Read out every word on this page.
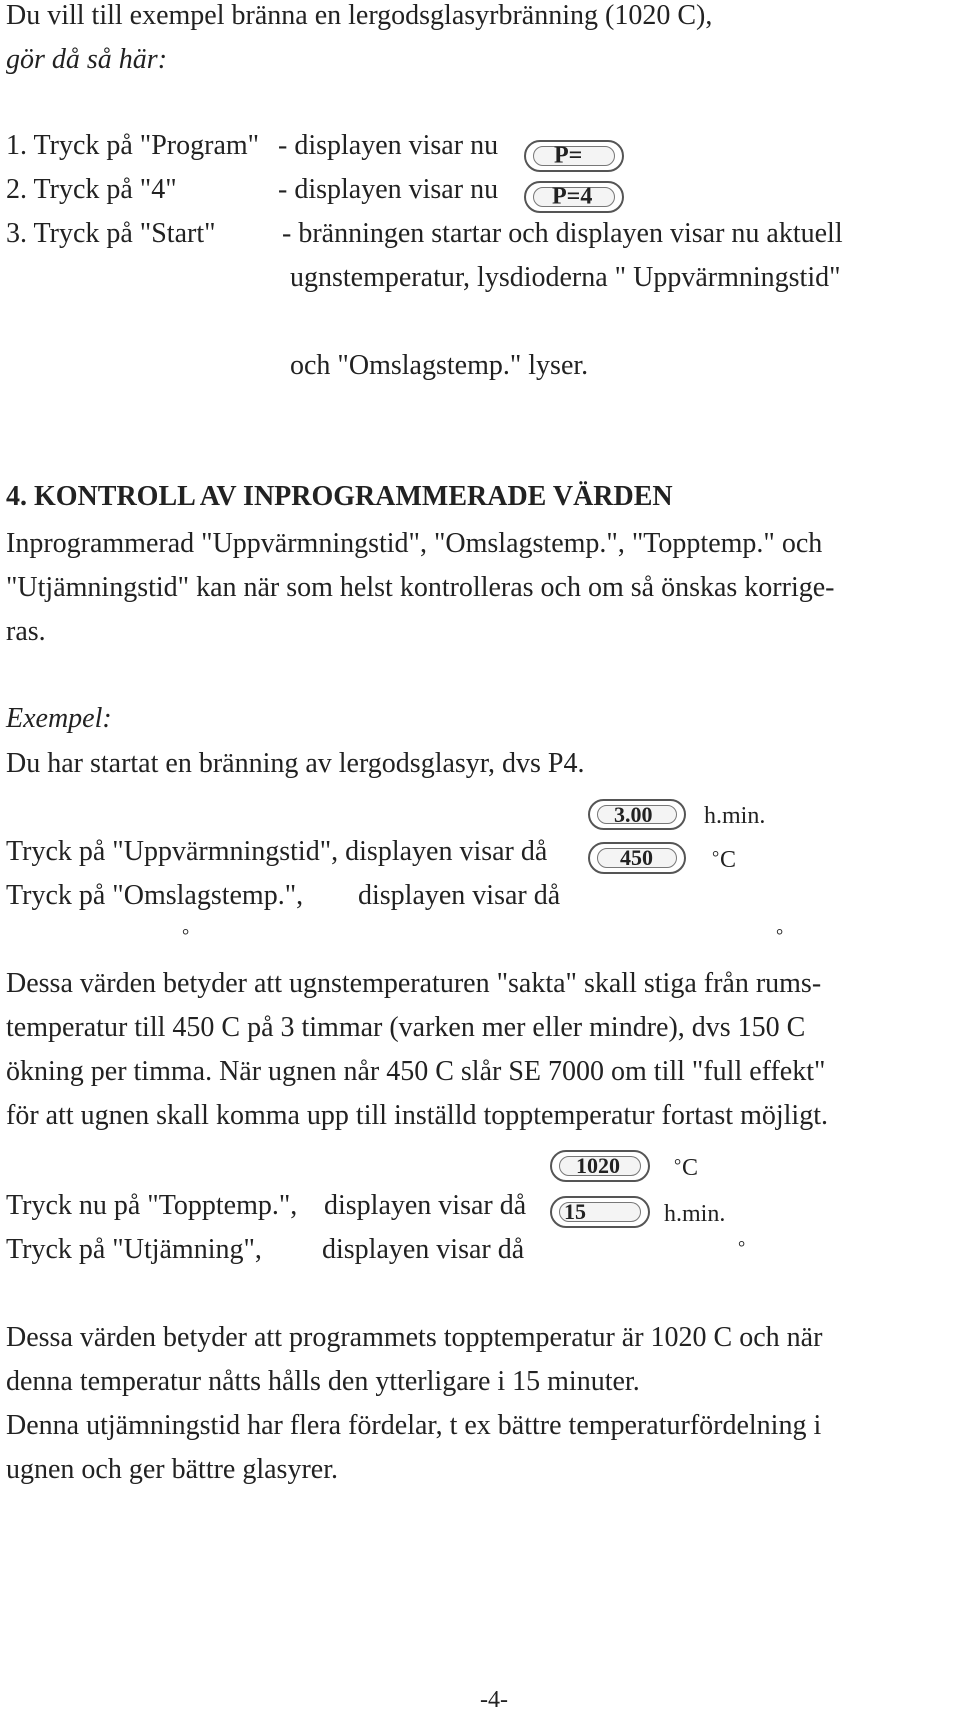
Du vill till exempel bränna en lergodsglasyrbränning (1020 C),
gör då så här:
1. Tryck på "Program" - displayen visar nu P=
2. Tryck på "4"	- displayen visar nu P=4
3. Tryck på "Start" - bränningen startar och displayen visar nu aktuell
ugnstemperatur, lysdioderna " Uppvärmningstid"
och "Omslagstemp." lyser.
4. KONTROLL AV INPROGRAMMERADE VÄRDEN
Inprogrammerad "Uppvärmningstid", "Omslagstemp.", "Topptemp." och
"Utjämningstid" kan när som helst kontrolleras och om så önskas korrige-
ras.
Exempel:
Du har startat en bränning av lergodsglasyr, dvs P4.
3.00 h.min.
Tryck på "Uppvärmningstid", displayen visar då	450	° C
Tryck på "Omslagstemp.", displayen visar då
°	°
Dessa värden betyder att ugnstemperaturen "sakta" skall stiga från rums-
temperatur till 450 C på 3 timmar (varken mer eller mindre), dvs 150 C
ökning per timma. När ugnen når 450 C slår SE 7000 om till "full effekt"
för att ugnen skall komma upp till inställd topptemperatur fortast möjligt.
1020	° C
Tryck nu på "Topptemp.", displayen visar då 15	h.min.
Tryck på "Utjämning", displayen visar då	°
Dessa värden betyder att programmets topptemperatur är 1020 C och när
denna temperatur nåtts hålls den ytterligare i 15 minuter.
Denna utjämningstid har flera fördelar, t ex bättre temperaturfördelning i
ugnen och ger bättre glasyrer.
-4-
